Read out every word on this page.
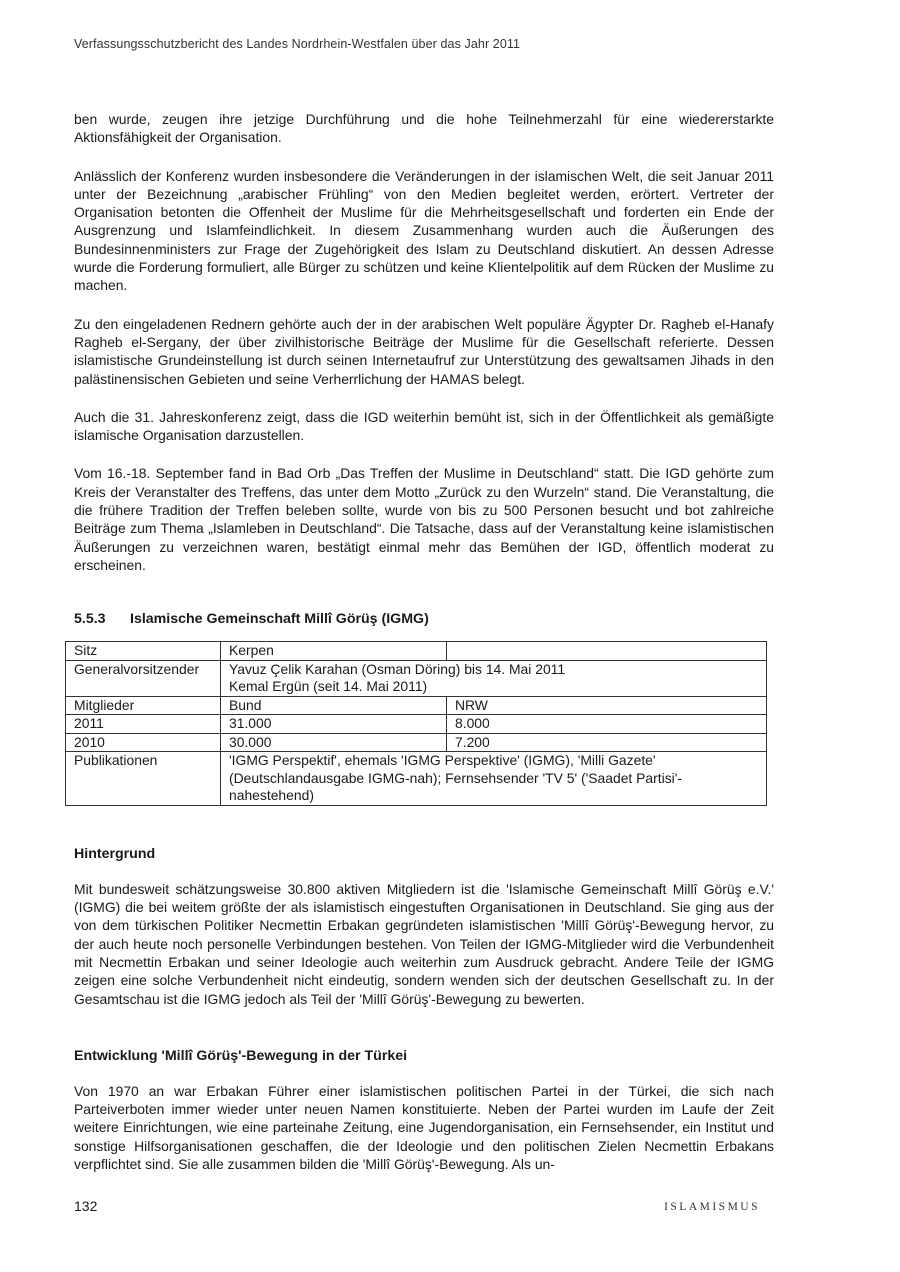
Verfassungsschutzbericht des Landes Nordrhein-Westfalen über das Jahr 2011

ben wurde, zeugen ihre jetzige Durchführung und die hohe Teilnehmerzahl für eine wiedererstarkte Aktionsfähigkeit der Organisation.

Anlässlich der Konferenz wurden insbesondere die Veränderungen in der islamischen Welt, die seit Januar 2011 unter der Bezeichnung „arabischer Frühling“ von den Medien begleitet werden, erörtert. Vertreter der Organisation betonten die Offenheit der Muslime für die Mehrheitsgesellschaft und forderten ein Ende der Ausgrenzung und Islamfeindlichkeit. In diesem Zusammenhang wurden auch die Äußerungen des Bundesinnenministers zur Frage der Zugehörigkeit des Islam zu Deutschland diskutiert. An dessen Adresse wurde die Forderung formuliert, alle Bürger zu schützen und keine Klientelpolitik auf dem Rücken der Muslime zu machen.

Zu den eingeladenen Rednern gehörte auch der in der arabischen Welt populäre Ägypter Dr. Ragheb el-Hanafy Ragheb el-Sergany, der über zivilhistorische Beiträge der Muslime für die Gesellschaft referierte. Dessen islamistische Grundeinstellung ist durch seinen Internetaufruf zur Unterstützung des gewaltsamen Jihads in den palästinensischen Gebieten und seine Verherrlichung der HAMAS belegt.

Auch die 31. Jahreskonferenz zeigt, dass die IGD weiterhin bemüht ist, sich in der Öffentlichkeit als gemäßigte islamische Organisation darzustellen.

Vom 16.-18. September fand in Bad Orb „Das Treffen der Muslime in Deutschland“ statt. Die IGD gehörte zum Kreis der Veranstalter des Treffens, das unter dem Motto „Zurück zu den Wurzeln“ stand. Die Veranstaltung, die die frühere Tradition der Treffen beleben sollte, wurde von bis zu 500 Personen besucht und bot zahlreiche Beiträge zum Thema „Islamleben in Deutschland“. Die Tatsache, dass auf der Veranstaltung keine islamistischen Äußerungen zu verzeichnen waren, bestätigt einmal mehr das Bemühen der IGD, öffentlich moderat zu erscheinen.

5.5.3 Islamische Gemeinschaft Millî Görüş (IGMG)
Sitz	Kerpen	
Generalvorsitzender	Yavuz Çelik Karahan (Osman Döring) bis 14. Mai 2011
Kemal Ergün (seit 14. Mai 2011)	

Mitglieder	Bund	NRW
2011	31.000	8.000
2010	30.000	7.200
Publikationen	'IGMG Perspektif', ehemals 'IGMG Perspektive' (IGMG), 'Milli Gazete' (Deutschlandausgabe IGMG-nah); Fernsehsender 'TV 5' ('Saadet Partisi'-nahestehend)	
Hintergrund

Mit bundesweit schätzungsweise 30.800 aktiven Mitgliedern ist die 'Islamische Gemeinschaft Millî Görüş e.V.' (IGMG) die bei weitem größte der als islamistisch eingestuften Organisationen in Deutschland. Sie ging aus der von dem türkischen Politiker Necmettin Erbakan gegründeten islamistischen 'Millî Görüş'-Bewegung hervor, zu der auch heute noch personelle Verbindungen bestehen. Von Teilen der IGMG-Mitglieder wird die Verbundenheit mit Necmettin Erbakan und seiner Ideologie auch weiterhin zum Ausdruck gebracht. Andere Teile der IGMG zeigen eine solche Verbundenheit nicht eindeutig, sondern wenden sich der deutschen Gesellschaft zu. In der Gesamtschau ist die IGMG jedoch als Teil der 'Millî Görüş'-Bewegung zu bewerten.

Entwicklung 'Millî Görüş'-Bewegung in der Türkei

Von 1970 an war Erbakan Führer einer islamistischen politischen Partei in der Türkei, die sich nach Parteiverboten immer wieder unter neuen Namen konstituierte. Neben der Partei wurden im Laufe der Zeit weitere Einrichtungen, wie eine parteinahe Zeitung, eine Jugendorganisation, ein Fernsehsender, ein Institut und sonstige Hilfsorganisationen geschaffen, die der Ideologie und den politischen Zielen Necmettin Erbakans verpflichtet sind. Sie alle zusammen bilden die 'Millî Görüş'-Bewegung. Als un-

132	ISLAMISMUS
